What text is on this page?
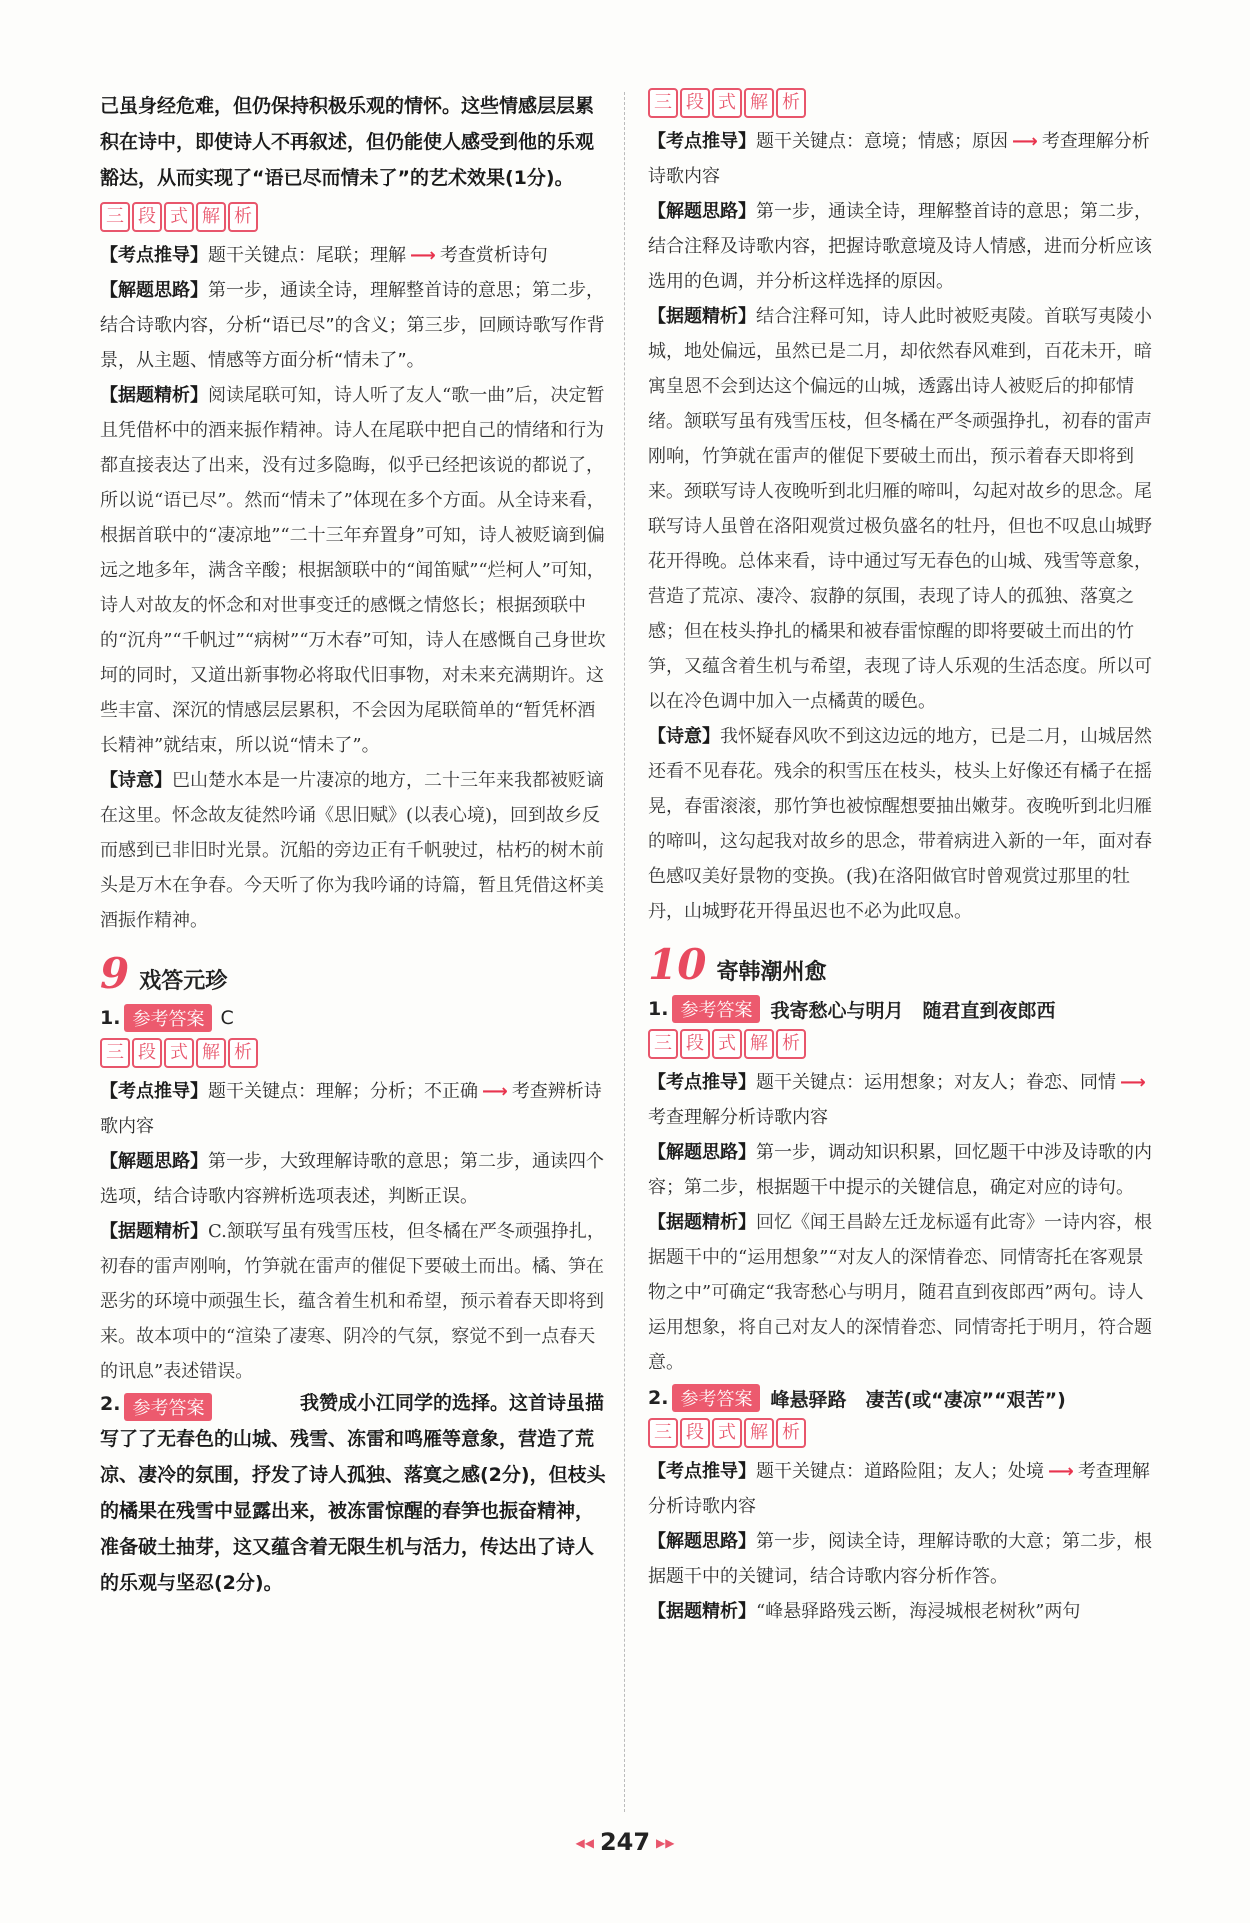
己虽身经危难，但仍保持积极乐观的情怀。这些情感层层累积在诗中，即使诗人不再叙述，但仍能使人感受到他的乐观豁达，从而实现了“语已尽而情未了”的艺术效果(1分)。

三 段 式 解 析

【考点推导】题干关键点：尾联；理解 ⟶ 考查赏析诗句

【解题思路】第一步，通读全诗，理解整首诗的意思；第二步，结合诗歌内容，分析“语已尽”的含义；第三步，回顾诗歌写作背景，从主题、情感等方面分析“情未了”。

【据题精析】阅读尾联可知，诗人听了友人“歌一曲”后，决定暂且凭借杯中的酒来振作精神。诗人在尾联中把自己的情绪和行为都直接表达了出来，没有过多隐晦，似乎已经把该说的都说了，所以说“语已尽”。然而“情未了”体现在多个方面。从全诗来看，根据首联中的“凄凉地”“二十三年弃置身”可知，诗人被贬谪到偏远之地多年，满含辛酸；根据颔联中的“闻笛赋”“烂柯人”可知，诗人对故友的怀念和对世事变迁的感慨之情悠长；根据颈联中的“沉舟”“千帆过”“病树”“万木春”可知，诗人在感慨自己身世坎坷的同时，又道出新事物必将取代旧事物，对未来充满期许。这些丰富、深沉的情感层层累积，不会因为尾联简单的“暂凭杯酒长精神”就结束，所以说“情未了”。

【诗意】巴山楚水本是一片凄凉的地方，二十三年来我都被贬谪在这里。怀念故友徒然吟诵《思旧赋》(以表心境)，回到故乡反而感到已非旧时光景。沉船的旁边正有千帆驶过，枯朽的树木前头是万木在争春。今天听了你为我吟诵的诗篇，暂且凭借这杯美酒振作精神。

9 戏答元珍
1. 参考答案 C
三 段 式 解 析

【考点推导】题干关键点：理解；分析；不正确 ⟶ 考查辨析诗歌内容

【解题思路】第一步，大致理解诗歌的意思；第二步，通读四个选项，结合诗歌内容辨析选项表述，判断正误。

【据题精析】C.颔联写虽有残雪压枝，但冬橘在严冬顽强挣扎，初春的雷声刚响，竹笋就在雷声的催促下要破土而出。橘、笋在恶劣的环境中顽强生长，蕴含着生机和希望，预示着春天即将到来。故本项中的“渲染了凄寒、阴冷的气氛，察觉不到一点春天的讯息”表述错误。

2. 参考答案	我赞成小江同学的选择。这首诗虽描写了了无春色的山城、残雪、冻雷和鸣雁等意象，营造了荒凉、凄冷的氛围，抒发了诗人孤独、落寞之感(2分)，但枝头的橘果在残雪中显露出来，被冻雷惊醒的春笋也振奋精神，准备破土抽芽，这又蕴含着无限生机与活力，传达出了诗人的乐观与坚忍(2分)。

三 段 式 解 析

【考点推导】题干关键点：意境；情感；原因 ⟶ 考查理解分析诗歌内容

【解题思路】第一步，通读全诗，理解整首诗的意思；第二步，结合注释及诗歌内容，把握诗歌意境及诗人情感，进而分析应该选用的色调，并分析这样选择的原因。

【据题精析】结合注释可知，诗人此时被贬夷陵。首联写夷陵小城，地处偏远，虽然已是二月，却依然春风难到，百花未开，暗寓皇恩不会到达这个偏远的山城，透露出诗人被贬后的抑郁情绪。颔联写虽有残雪压枝，但冬橘在严冬顽强挣扎，初春的雷声刚响，竹笋就在雷声的催促下要破土而出，预示着春天即将到来。颈联写诗人夜晚听到北归雁的啼叫，勾起对故乡的思念。尾联写诗人虽曾在洛阳观赏过极负盛名的牡丹，但也不叹息山城野花开得晚。总体来看，诗中通过写无春色的山城、残雪等意象，营造了荒凉、凄冷、寂静的氛围，表现了诗人的孤独、落寞之感；但在枝头挣扎的橘果和被春雷惊醒的即将要破土而出的竹笋，又蕴含着生机与希望，表现了诗人乐观的生活态度。所以可以在冷色调中加入一点橘黄的暖色。

【诗意】我怀疑春风吹不到这边远的地方，已是二月，山城居然还看不见春花。残余的积雪压在枝头，枝头上好像还有橘子在摇晃，春雷滚滚，那竹笋也被惊醒想要抽出嫩芽。夜晚听到北归雁的啼叫，这勾起我对故乡的思念，带着病进入新的一年，面对春色感叹美好景物的变换。(我)在洛阳做官时曾观赏过那里的牡丹，山城野花开得虽迟也不必为此叹息。

10 寄韩潮州愈
1. 参考答案 我寄愁心与明月　随君直到夜郎西
三 段 式 解 析

【考点推导】题干关键点：运用想象；对友人；眷恋、同情 ⟶考查理解分析诗歌内容

【解题思路】第一步，调动知识积累，回忆题干中涉及诗歌的内容；第二步，根据题干中提示的关键信息，确定对应的诗句。

【据题精析】回忆《闻王昌龄左迁龙标遥有此寄》一诗内容，根据题干中的“运用想象”“对友人的深情眷恋、同情寄托在客观景物之中”可确定“我寄愁心与明月，随君直到夜郎西”两句。诗人运用想象，将自己对友人的深情眷恋、同情寄托于明月，符合题意。

2. 参考答案 峰悬驿路　凄苦(或“凄凉”“艰苦”)
三 段 式 解 析

【考点推导】题干关键点：道路险阻；友人；处境 ⟶ 考查理解分析诗歌内容

【解题思路】第一步，阅读全诗，理解诗歌的大意；第二步，根据题干中的关键词，结合诗歌内容分析作答。

【据题精析】“峰悬驿路残云断，海浸城根老树秋”两句

◀◀ 247 ▶▶
